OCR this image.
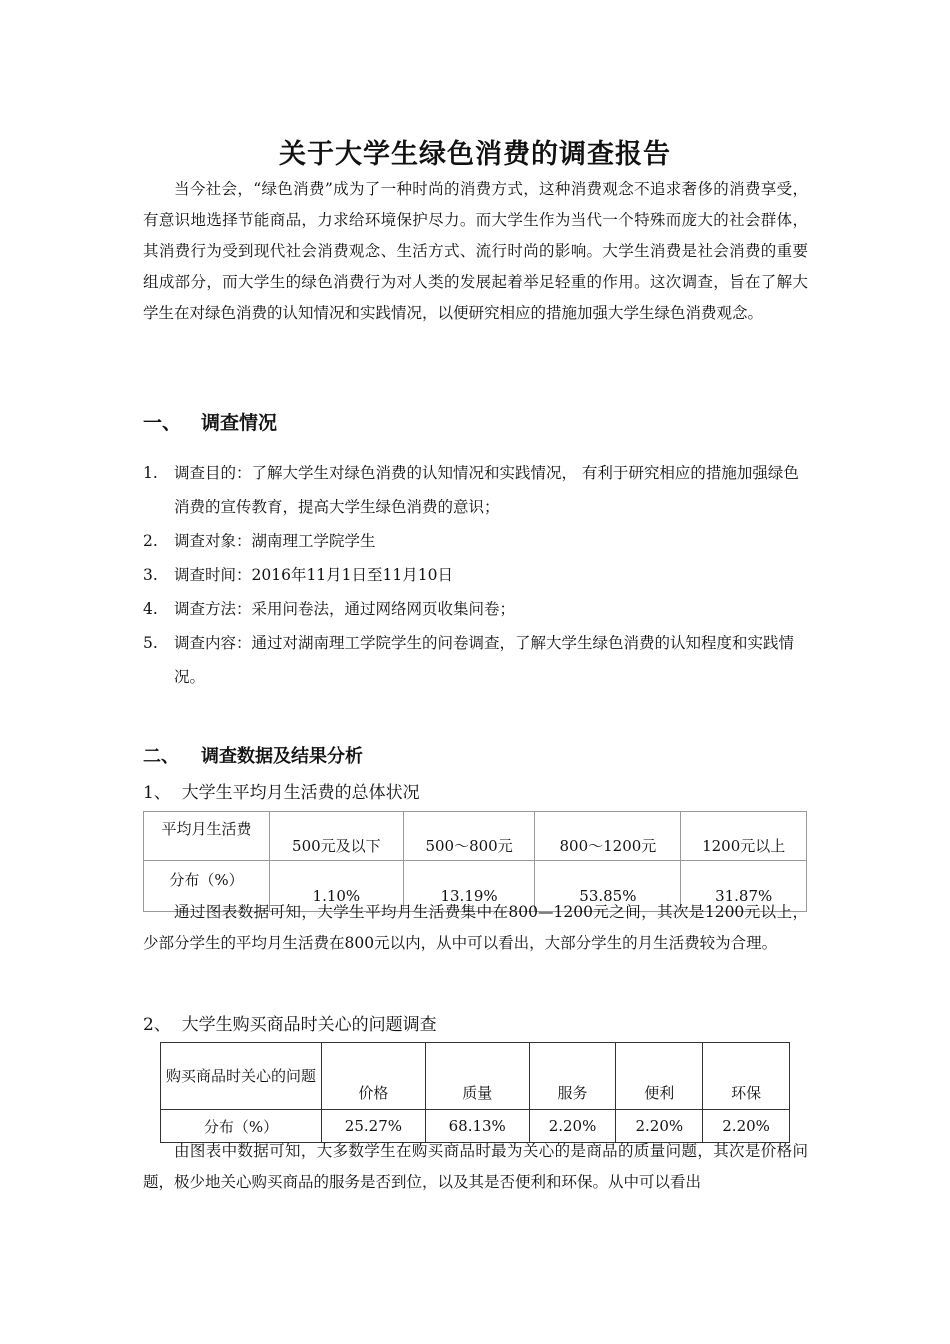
关于大学生绿色消费的调查报告

当今社会，“绿色消费”成为了一种时尚的消费方式，这种消费观念不追求奢侈的消费享受，有意识地选择节能商品，力求给环境保护尽力。而大学生作为当代一个特殊而庞大的社会群体，其消费行为受到现代社会消费观念、生活方式、流行时尚的影响。大学生消费是社会消费的重要组成部分，而大学生的绿色消费行为对人类的发展起着举足轻重的作用。这次调查，旨在了解大学生在对绿色消费的认知情况和实践情况，以便研究相应的措施加强大学生绿色消费观念。

一、 调查情况
1. 调查目的：了解大学生对绿色消费的认知情况和实践情况， 有利于研究相应的措施加强绿色消费的宣传教育，提高大学生绿色消费的意识；
2. 调查对象：湖南理工学院学生
3. 调查时间：2016年11月1日至11月10日
4. 调查方法：采用问卷法，通过网络网页收集问卷；
5. 调查内容：通过对湖南理工学院学生的问卷调查，了解大学生绿色消费的认知程度和实践情况。
二、 调查数据及结果分析
1、 大学生平均月生活费的总体状况
平均月生活费	500元及以下	500～800元	800～1200元	1200元以上
分布（%）	1.10%	13.19%	53.85%	31.87%

通过图表数据可知，大学生平均月生活费集中在800—1200元之间，其次是1200元以上，少部分学生的平均月生活费在800元以内，从中可以看出，大部分学生的月生活费较为合理。

2、 大学生购买商品时关心的问题调查
购买商品时关心的问题	价格	质量	服务	便利	环保
分布（%）	25.27%	68.13%	2.20%	2.20%	2.20%

由图表中数据可知，大多数学生在购买商品时最为关心的是商品的质量问题，其次是价格问题，极少地关心购买商品的服务是否到位，以及其是否便利和环保。从中可以看出
